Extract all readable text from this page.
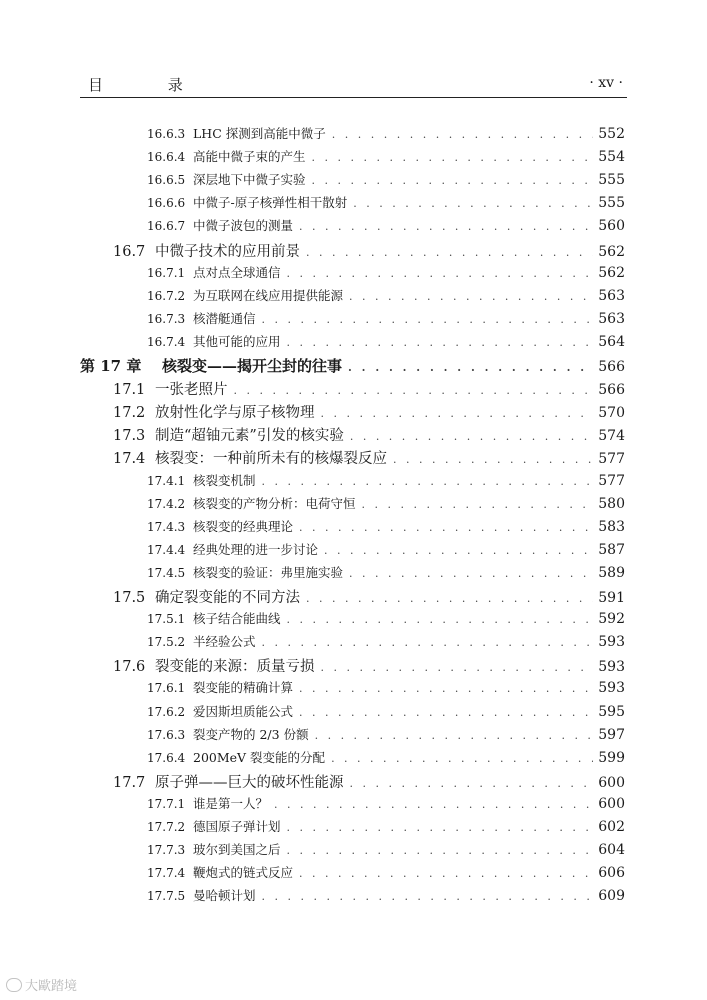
目 录	· xv ·
16.6.3 LHC 探测到高能中微子 . . .	552
16.6.4 高能中微子束的产生 . . .	554
16.6.5 深层地下中微子实验 . . .	555
16.6.6 中微子-原子核弹性相干散射 . . .	555
16.6.7 中微子波包的测量 . . .	560
16.7 中微子技术的应用前景 . . .	562
16.7.1 点对点全球通信 . . .	562
16.7.2 为互联网在线应用提供能源 . . .	563
16.7.3 核潜艇通信 . . .	563
16.7.4 其他可能的应用 . . .	564
第 17 章	核裂变——揭开尘封的往事 . . .	566
17.1 一张老照片 . . .	566
17.2 放射性化学与原子核物理 . . .	570
17.3 制造“超铀元素”引发的核实验 . . .	574
17.4 核裂变：一种前所未有的核爆裂反应 . . .	577
17.4.1 核裂变机制 . . .	577
17.4.2 核裂变的产物分析：电荷守恒 . . .	580
17.4.3 核裂变的经典理论 . . .	583
17.4.4 经典处理的进一步讨论 . . .	587
17.4.5 核裂变的验证：弗里施实验 . . .	589
17.5 确定裂变能的不同方法 . . .	591
17.5.1 核子结合能曲线 . . .	592
17.5.2 半经验公式 . . .	593
17.6 裂变能的来源：质量亏损 . . .	593
17.6.1 裂变能的精确计算 . . .	593
17.6.2 爱因斯坦质能公式 . . .	595
17.6.3 裂变产物的 2/3 份额 . . .	597
17.6.4 200MeV 裂变能的分配 . . .	599
17.7 原子弹——巨大的破坏性能源 . . .	600
17.7.1 谁是第一人？ . . .	600
17.7.2 德国原子弹计划 . . .	602
17.7.3 玻尔到美国之后 . . .	604
17.7.4 鞭炮式的链式反应 . . .	606
17.7.5 曼哈顿计划 . . .	609
大歐踏境
